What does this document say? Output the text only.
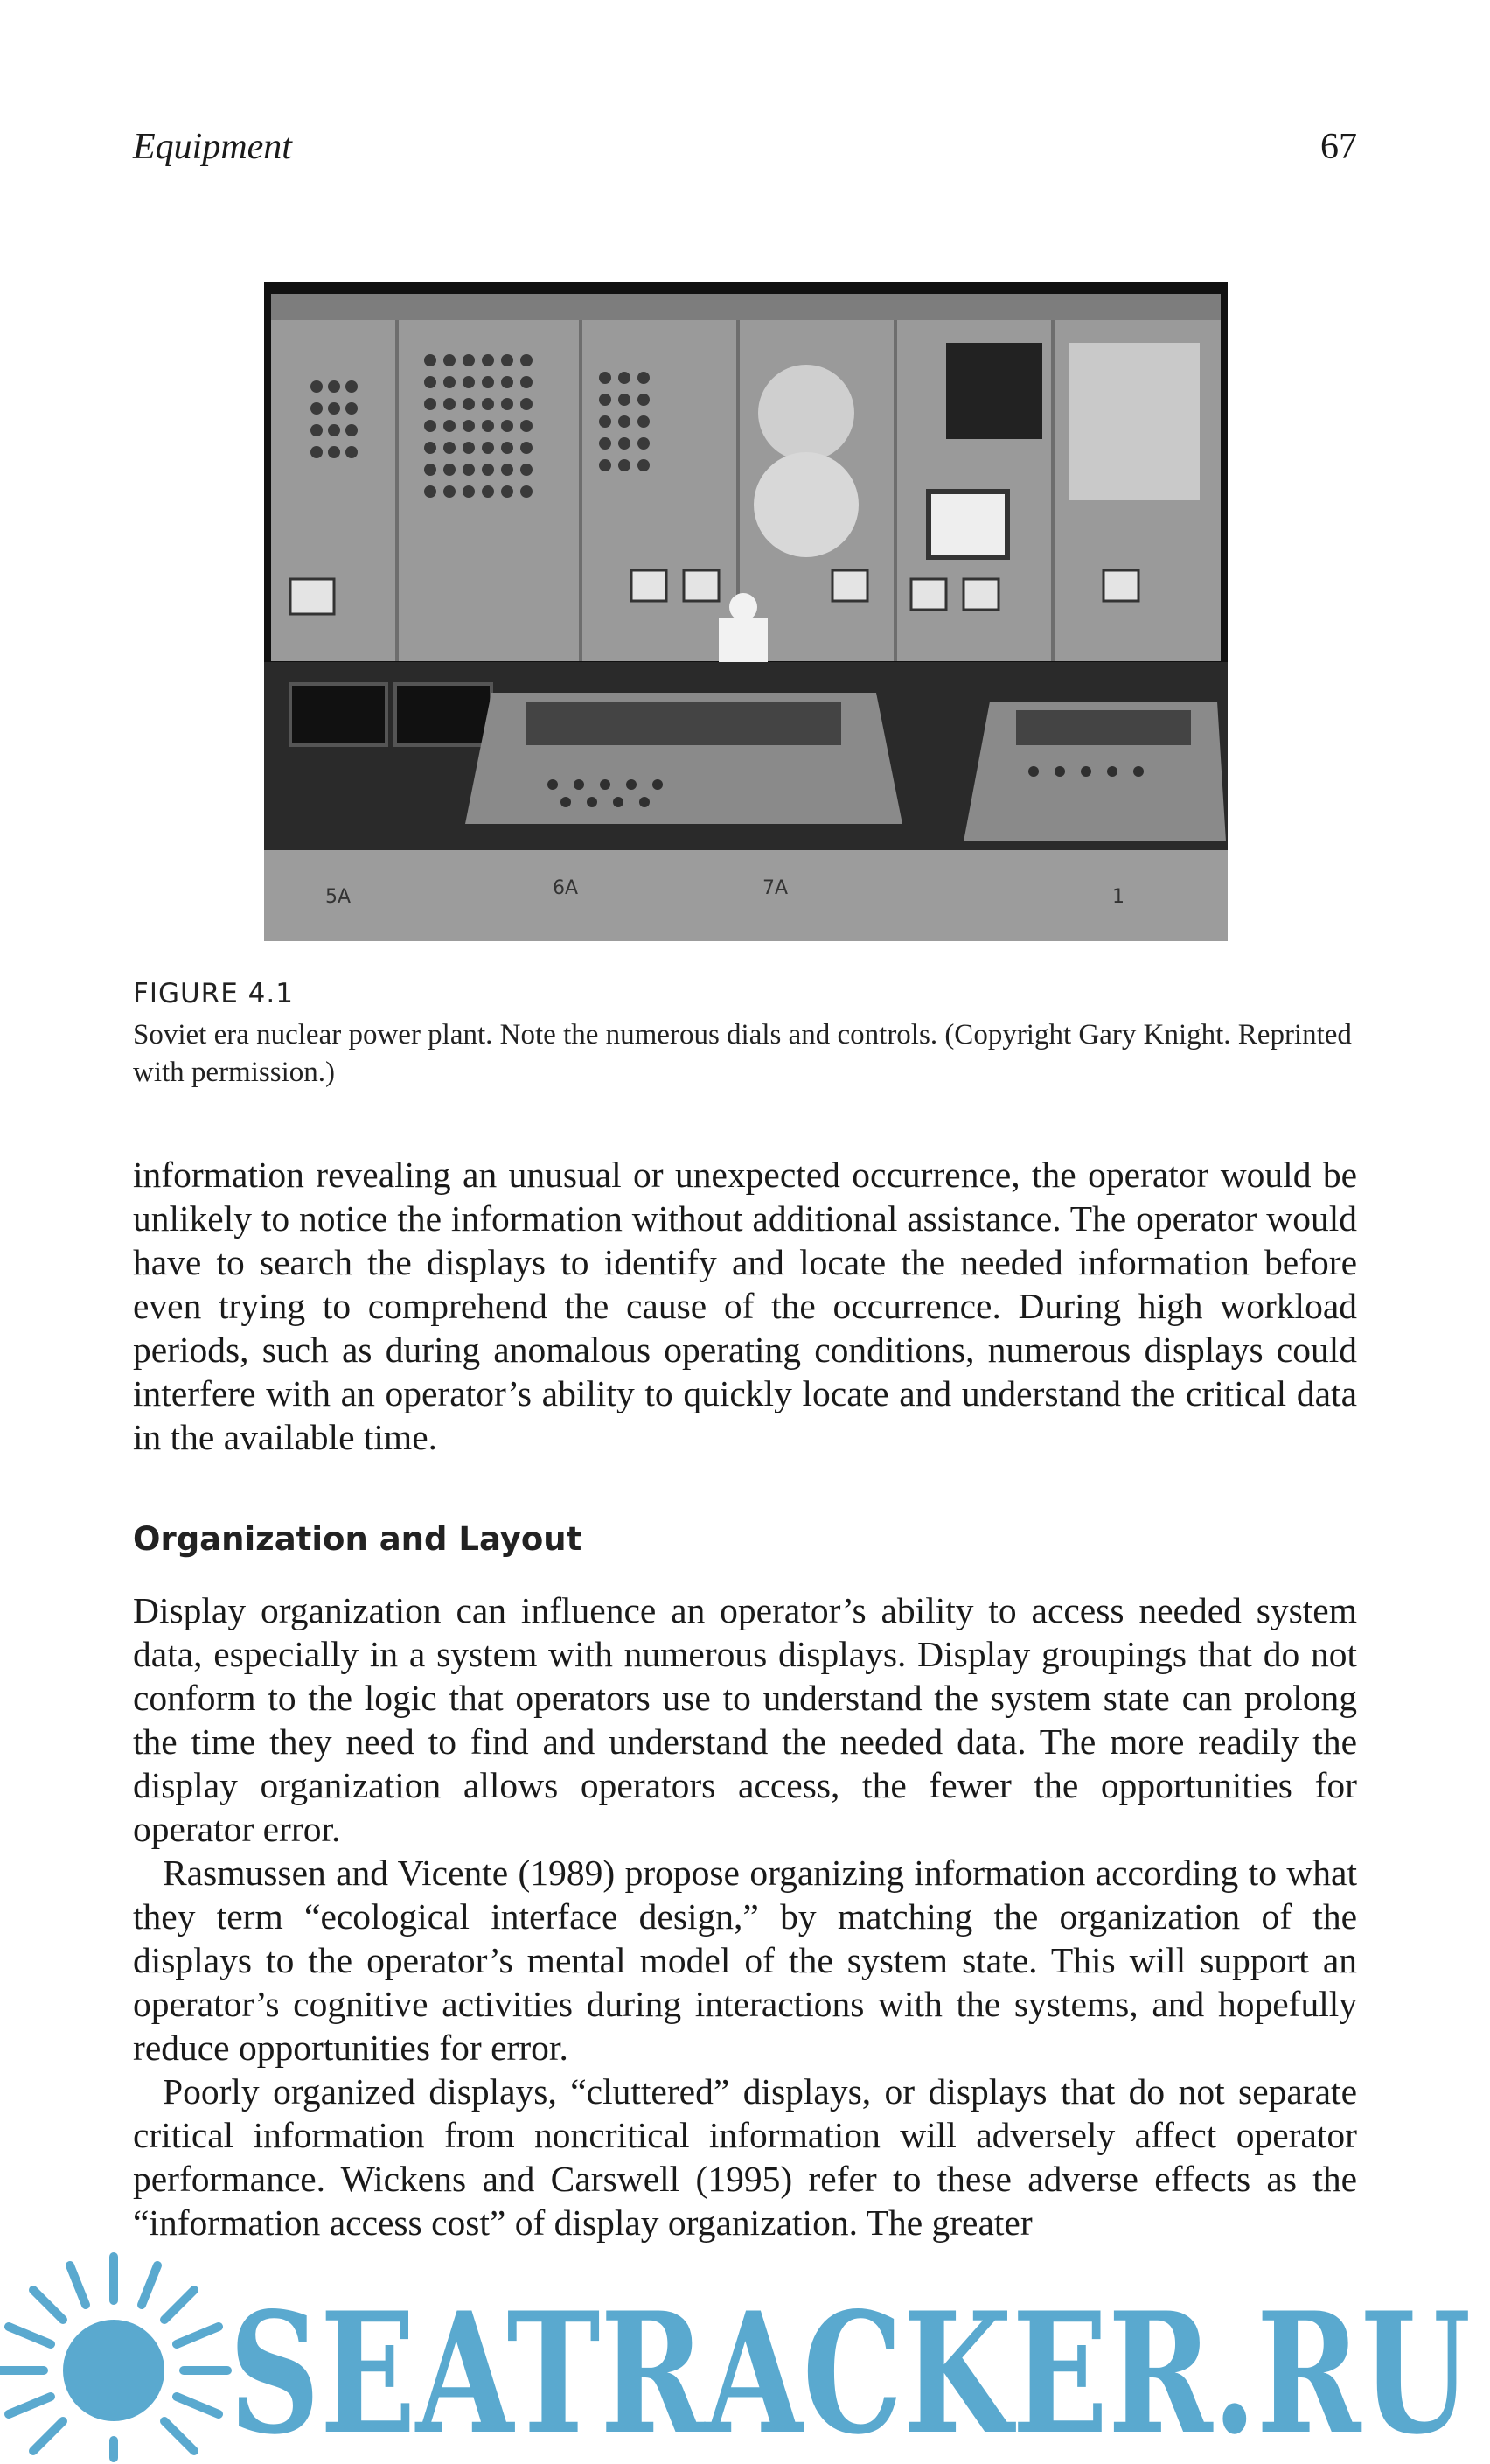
Equipment	67
5A	6A	7A	1
FIGURE 4.1
Soviet era nuclear power plant. Note the numerous dials and controls. (Copyright Gary Knight. Reprinted with permission.)

information revealing an unusual or unexpected occurrence, the operator would be unlikely to notice the information without additional assistance. The operator would have to search the displays to identify and locate the needed information before even trying to comprehend the cause of the occurrence. During high workload periods, such as during anomalous operating conditions, numerous displays could interfere with an operator’s ability to quickly locate and understand the critical data in the available time.

Organization and Layout

Display organization can influence an operator’s ability to access needed system data, especially in a system with numerous displays. Display groupings that do not conform to the logic that operators use to understand the system state can prolong the time they need to find and understand the needed data. The more readily the display organization allows operators access, the fewer the opportunities for operator error.

Rasmussen and Vicente (1989) propose organizing information according to what they term “ecological interface design,” by matching the organization of the displays to the operator’s mental model of the system state. This will support an operator’s cognitive activities during interactions with the systems, and hopefully reduce opportunities for error.

Poorly organized displays, “cluttered” displays, or displays that do not separate critical information from noncritical information will adversely affect operator performance. Wickens and Carswell (1995) refer to these adverse effects as the “information access cost” of display organization. The greater

SEATRACKER.RU
